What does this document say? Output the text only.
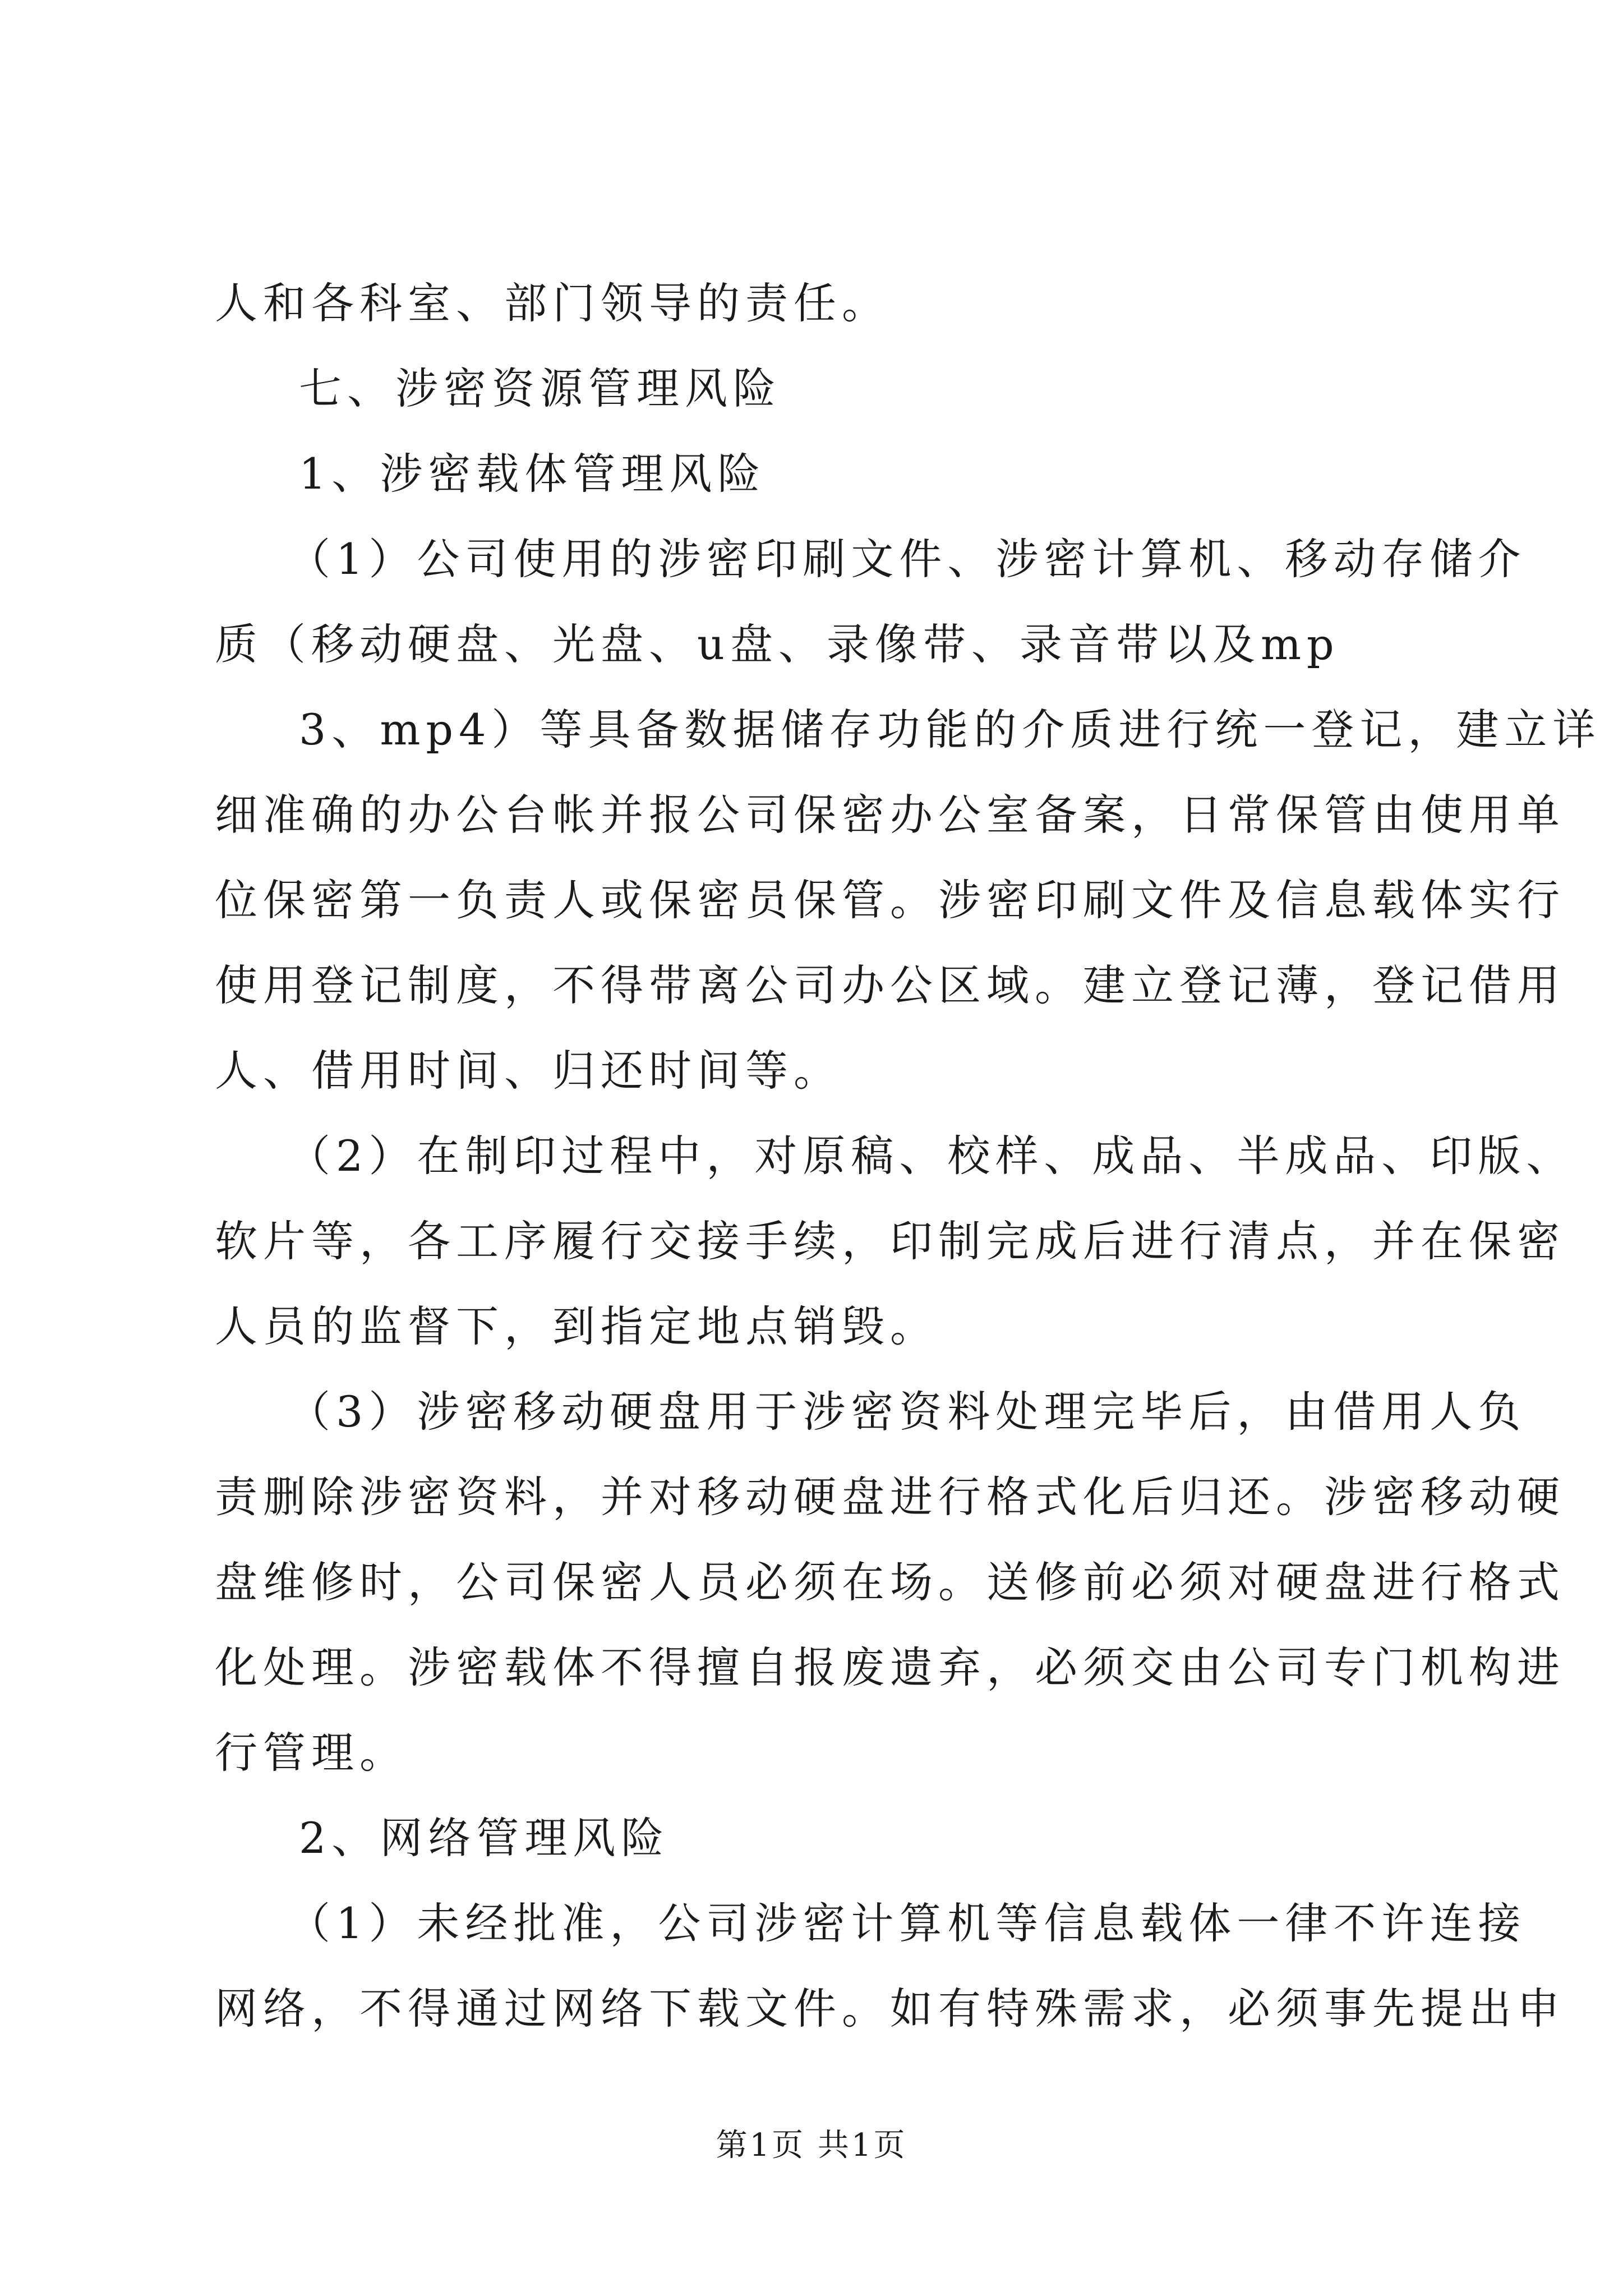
人和各科室、部门领导的责任。
七、涉密资源管理风险
1、涉密载体管理风险
（1）公司使用的涉密印刷文件、涉密计算机、移动存储介
质（移动硬盘、光盘、u盘、录像带、录音带以及mp
3、mp4）等具备数据储存功能的介质进行统一登记，建立详
细准确的办公台帐并报公司保密办公室备案，日常保管由使用单
位保密第一负责人或保密员保管。涉密印刷文件及信息载体实行
使用登记制度，不得带离公司办公区域。建立登记薄，登记借用
人、借用时间、归还时间等。
（2）在制印过程中，对原稿、校样、成品、半成品、印版、
软片等，各工序履行交接手续，印制完成后进行清点，并在保密
人员的监督下，到指定地点销毁。
（3）涉密移动硬盘用于涉密资料处理完毕后，由借用人负
责删除涉密资料，并对移动硬盘进行格式化后归还。涉密移动硬
盘维修时，公司保密人员必须在场。送修前必须对硬盘进行格式
化处理。涉密载体不得擅自报废遗弃，必须交由公司专门机构进
行管理。
2、网络管理风险
（1）未经批准，公司涉密计算机等信息载体一律不许连接
网络，不得通过网络下载文件。如有特殊需求，必须事先提出申
第1页 共1页
